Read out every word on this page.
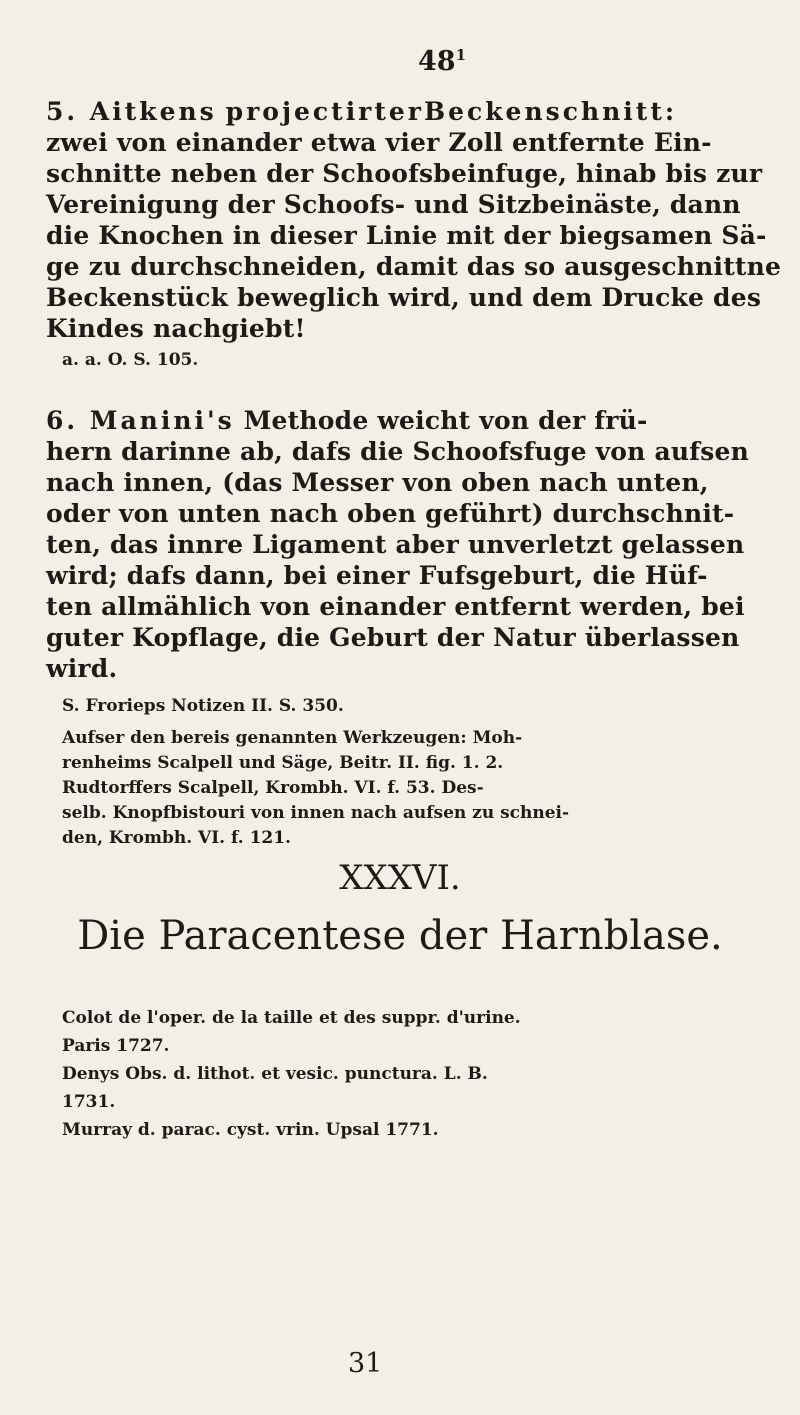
$48^1$
5. Aitkens projectirterBeckenschnitt:
zwei von einander etwa vier Zoll entfernte Ein-
schnitte neben der Schoofsbeinfuge, hinab bis zur
Vereinigung der Schoofs- und Sitzbeinäste, dann
die Knochen in dieser Linie mit der biegsamen Sä-
ge zu durchschneiden, damit das so ausgeschnittne
Beckenstück beweglich wird, und dem Drucke des
Kindes nachgiebt!
a. a. O. S. 105.
6. Manini's Methode weicht von der frü-
hern darinne ab, dafs die Schoofsfuge von aufsen
nach innen, (das Messer von oben nach unten,
oder von unten nach oben geführt) durchschnit-
ten, das innre Ligament aber unverletzt gelassen
wird; dafs dann, bei einer Fufsgeburt, die Hüf-
ten allmählich von einander entfernt werden, bei
guter Kopflage, die Geburt der Natur überlassen
wird.
S. Frorieps Notizen II. S. 350.
Aufser den bereis genannten Werkzeugen: Moh-
renheims Scalpell und Säge, Beitr. II. fig. 1. 2.
Rudtorffers Scalpell, Krombh. VI. f. 53. Des-
selb. Knopfbistouri von innen nach aufsen zu schnei-
den, Krombh. VI. f. 121.
XXXVI.
Die Paracentese der Harnblase.
Colot de l'oper. de la taille et des suppr. d'urine.
Paris 1727.
Denys Obs. d. lithot. et vesic. punctura. L. B.
1731.
Murray d. parac. cyst. vrin. Upsal 1771.
31
